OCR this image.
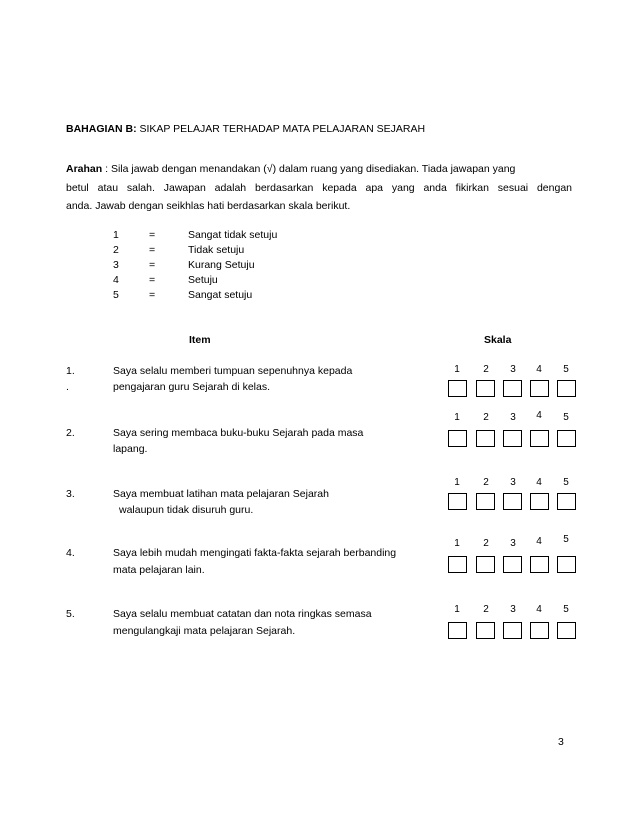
BAHAGIAN B: SIKAP PELAJAR TERHADAP MATA PELAJARAN SEJARAH
Arahan : Sila jawab dengan menandakan (√) dalam ruang yang disediakan. Tiada jawapan yang
betul atau salah. Jawapan adalah berdasarkan kepada apa yang anda fikirkan sesuai dengan
anda. Jawab dengan seikhlas hati berdasarkan skala berikut.
1	=	Sangat tidak setuju
2	=	Tidak setuju
3	=	Kurang Setuju
4	=	Setuju
5	=	Sangat setuju
Item	Skala
1.
.
Saya selalu memberi tumpuan sepenuhnya kepada
pengajaran guru Sejarah di kelas.
1	2	3	4	5
2.	Saya sering membaca buku-buku Sejarah pada masa
lapang.
1	2	3	4	5
3.	Saya membuat latihan mata pelajaran Sejarah
walaupun tidak disuruh guru.
1	2	3	4	5
4.	Saya lebih mudah mengingati fakta-fakta sejarah berbanding
mata pelajaran lain.
1	2	3	4	5
5.	Saya selalu membuat catatan dan nota ringkas semasa
mengulangkaji mata pelajaran Sejarah.
1	2	3	4	5
3
